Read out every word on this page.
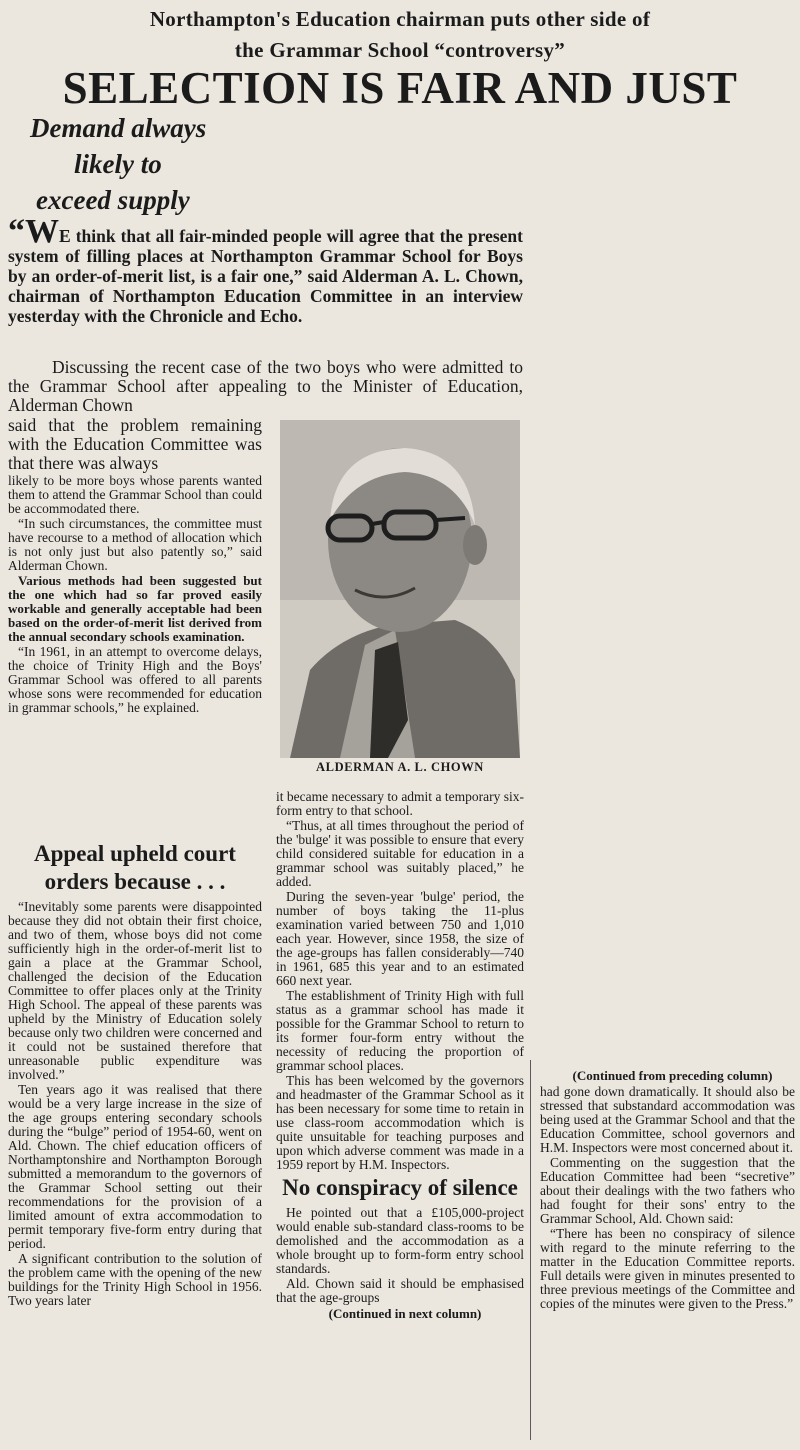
Northampton's Education chairman puts other side of
the Grammar School “controversy”
SELECTION IS FAIR AND JUST
Demand always
likely to
exceed supply

“WE think that all fair-minded people will agree that the present system of filling places at Northampton Grammar School for Boys by an order-of-merit list, is a fair one,” said Alderman A. L. Chown, chairman of Northampton Education Committee in an interview yesterday with the Chronicle and Echo.

Discussing the recent case of the two boys who were admitted to the Grammar School after appealing to the Minister of Education, Alderman Chown

said that the problem remaining with the Education Committee was that there was always

likely to be more boys whose parents wanted them to attend the Grammar School than could be accommodated there.

“In such circumstances, the committee must have recourse to a method of allocation which is not only just but also patently so,” said Alderman Chown.

Various methods had been suggested but the one which had so far proved easily workable and generally acceptable had been based on the order-of-merit list derived from the annual secondary schools examination.

“In 1961, in an attempt to overcome delays, the choice of Trinity High and the Boys' Grammar School was offered to all parents whose sons were recommended for education in grammar schools,” he explained.

ALDERMAN A. L. CHOWN
Appeal upheld court orders because . . .

“Inevitably some parents were disappointed because they did not obtain their first choice, and two of them, whose boys did not come sufficiently high in the order-of-merit list to gain a place at the Grammar School, challenged the decision of the Education Committee to offer places only at the Trinity High School. The appeal of these parents was upheld by the Ministry of Education solely because only two children were concerned and it could not be sustained therefore that unreasonable public expenditure was involved.”

Ten years ago it was realised that there would be a very large increase in the size of the age groups entering secondary schools during the “bulge” period of 1954-60, went on Ald. Chown. The chief education officers of Northamptonshire and Northampton Borough submitted a memorandum to the governors of the Grammar School setting out their recommendations for the provision of a limited amount of extra accommodation to permit temporary five-form entry during that period.

A significant contribution to the solution of the problem came with the opening of the new buildings for the Trinity High School in 1956. Two years later

it became necessary to admit a temporary six-form entry to that school.

“Thus, at all times throughout the period of the 'bulge' it was possible to ensure that every child considered suitable for education in a grammar school was suitably placed,” he added.

During the seven-year 'bulge' period, the number of boys taking the 11-plus examination varied between 750 and 1,010 each year. However, since 1958, the size of the age-groups has fallen considerably—740 in 1961, 685 this year and to an estimated 660 next year.

The establishment of Trinity High with full status as a grammar school has made it possible for the Grammar School to return to its former four-form entry without the necessity of reducing the proportion of grammar school places.

This has been welcomed by the governors and headmaster of the Grammar School as it has been necessary for some time to retain in use class-room accommodation which is quite unsuitable for teaching purposes and upon which adverse comment was made in a 1959 report by H.M. Inspectors.

No conspiracy of silence

He pointed out that a £105,000-project would enable sub-standard class-rooms to be demolished and the accommodation as a whole brought up to form-form entry school standards.

Ald. Chown said it should be emphasised that the age-groups

(Continued in next column)

(Continued from preceding column)

had gone down dramatically. It should also be stressed that substandard accommodation was being used at the Grammar School and that the Education Committee, school governors and H.M. Inspectors were most concerned about it.

Commenting on the suggestion that the Education Committee had been “secretive” about their dealings with the two fathers who had fought for their sons' entry to the Grammar School, Ald. Chown said:

“There has been no conspiracy of silence with regard to the minute referring to the matter in the Education Committee reports. Full details were given in minutes presented to three previous meetings of the Committee and copies of the minutes were given to the Press.”
